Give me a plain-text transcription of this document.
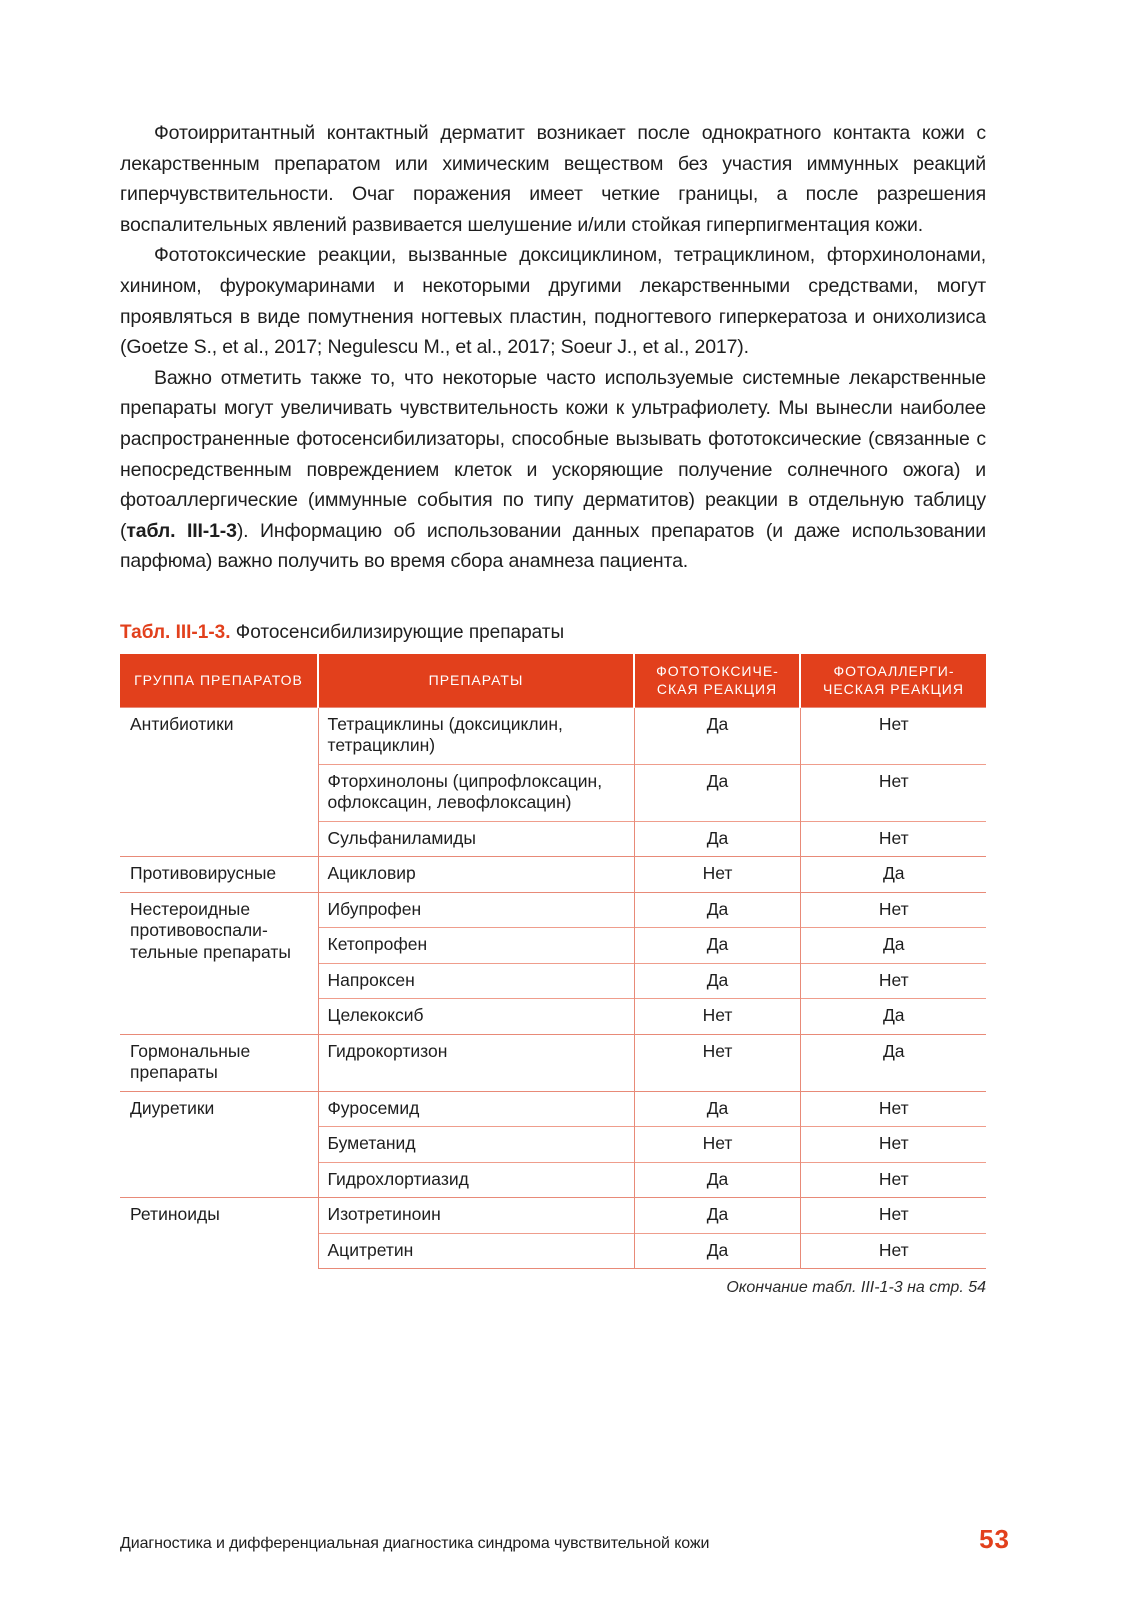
Фотоирритантный контактный дерматит возникает после однократного контакта кожи с лекарственным препаратом или химическим веществом без участия иммунных реакций гиперчувствительности. Очаг поражения имеет четкие границы, а после разрешения воспалительных явлений развивается шелушение и/или стойкая гиперпигментация кожи.

Фототоксические реакции, вызванные доксициклином, тетрациклином, фторхинолонами, хинином, фурокумаринами и некоторыми другими лекарственными средствами, могут проявляться в виде помутнения ногтевых пластин, подногтевого гиперкератоза и онихолизиса (Goetze S., et al., 2017; Negulescu M., et al., 2017; Soeur J., et al., 2017).

Важно отметить также то, что некоторые часто используемые системные лекарственные препараты могут увеличивать чувствительность кожи к ультрафиолету. Мы вынесли наиболее распространенные фотосенсибилизаторы, способные вызывать фототоксические (связанные с непосредственным повреждением клеток и ускоряющие получение солнечного ожога) и фотоаллергические (иммунные события по типу дерматитов) реакции в отдельную таблицу (табл. III-1-3). Информацию об использовании данных препаратов (и даже использовании парфюма) важно получить во время сбора анамнеза пациента.

Табл. III-1-3. Фотосенсибилизирующие препараты
ГРУППА ПРЕПАРАТОВ	ПРЕПАРАТЫ	ФОТОТОКСИЧЕСКАЯ РЕАКЦИЯ	ФОТОАЛЛЕРГИЧЕСКАЯ РЕАКЦИЯ
Антибиотики	Тетрациклины (доксициклин, тетрациклин)	Да	Нет
	Фторхинолоны (ципрофлоксацин, офлоксацин, левофлоксацин)	Да	Нет
	Сульфаниламиды	Да	Нет
Противовирусные	Ацикловир	Нет	Да
Нестероидные противовоспалительные препараты	Ибупрофен	Да	Нет
	Кетопрофен	Да	Да
	Напроксен	Да	Нет
	Целекоксиб	Нет	Да
Гормональные препараты	Гидрокортизон	Нет	Да
Диуретики	Фуросемид	Да	Нет
	Буметанид	Нет	Нет
	Гидрохлортиазид	Да	Нет
Ретиноиды	Изотретиноин	Да	Нет
	Ацитретин	Да	Нет
Окончание табл. III-1-3 на стр. 54
Диагностика и дифференциальная диагностика синдрома чувствительной кожи	53
